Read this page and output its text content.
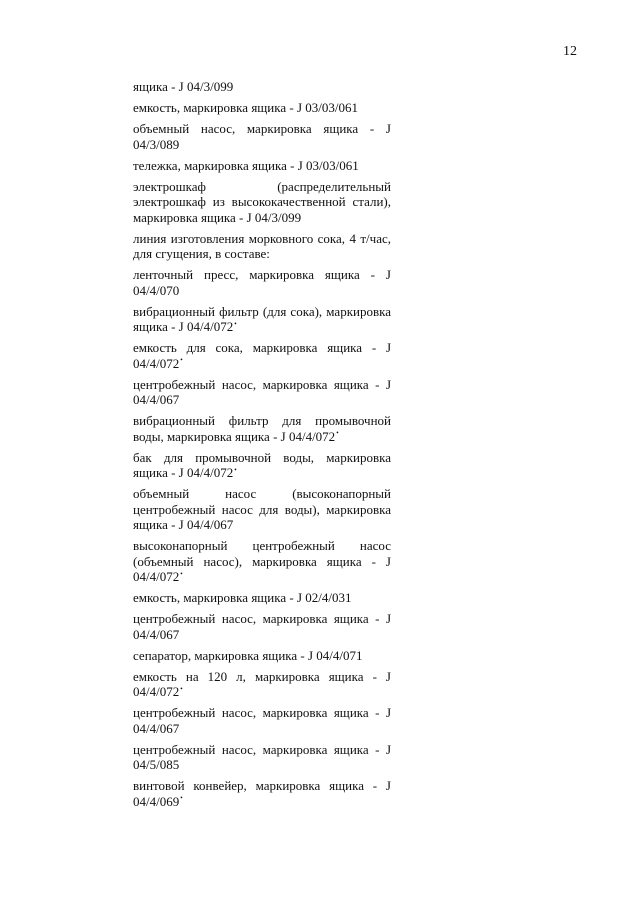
12

ящика - J 04/3/099

емкость, маркировка ящика - J 03/03/061

объемный насос, маркировка ящика - J 04/3/089

тележка, маркировка ящика - J 03/03/061

электрошкаф (распределительный электрошкаф из высококачественной стали), маркировка ящика - J 04/3/099

линия изготовления морковного сока, 4 т/час, для сгущения, в составе:

ленточный пресс, маркировка ящика - J 04/4/070

вибрационный фильтр (для сока), маркировка ящика - J 04/4/072•

емкость для сока, маркировка ящика - J 04/4/072•

центробежный насос, маркировка ящика - J 04/4/067

вибрационный фильтр для промывочной воды, маркировка ящика - J 04/4/072•

бак для промывочной воды, маркировка ящика - J 04/4/072•

объемный насос (высоконапорный центробежный насос для воды), маркировка ящика - J 04/4/067

высоконапорный центробежный насос (объемный насос), маркировка ящика - J 04/4/072•

емкость, маркировка ящика - J 02/4/031

центробежный насос, маркировка ящика - J 04/4/067

сепаратор, маркировка ящика - J 04/4/071

емкость на 120 л, маркировка ящика - J 04/4/072•

центробежный насос, маркировка ящика - J 04/4/067

центробежный насос, маркировка ящика - J 04/5/085

винтовой конвейер, маркировка ящика - J 04/4/069•
